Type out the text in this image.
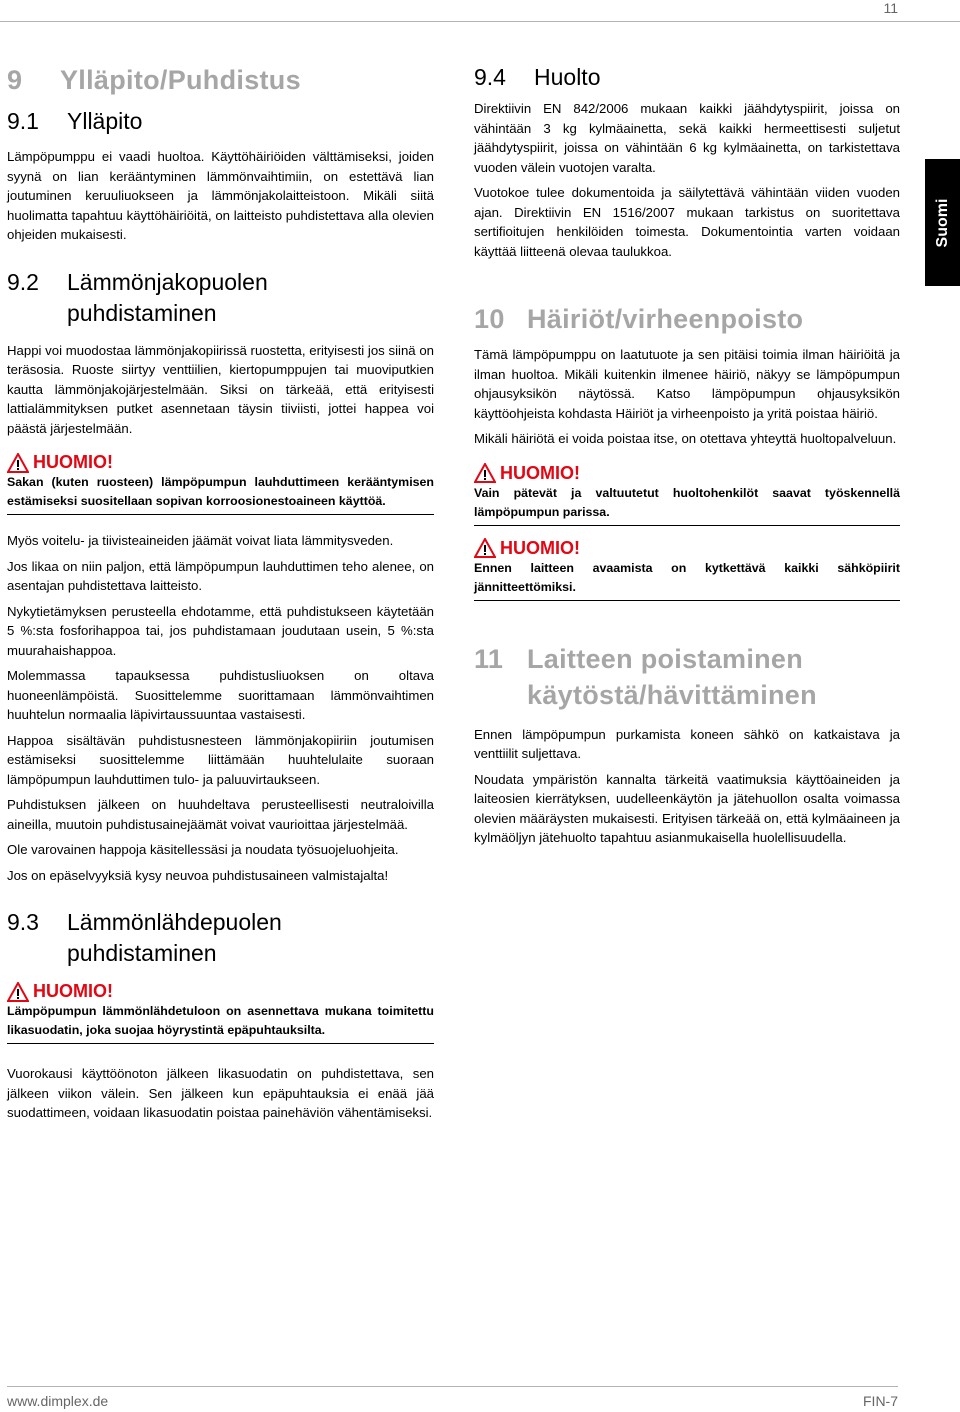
11
9	Ylläpito/Puhdistus
9.1	Ylläpito

Lämpöpumppu ei vaadi huoltoa. Käyttöhäiriöiden välttämiseksi, joiden syynä on lian kerääntyminen lämmönvaihtimiin, on estettävä lian joutuminen keruuliuokseen ja lämmönjakolaitteistoon. Mikäli siitä huolimatta tapahtuu käyttöhäiriöitä, on laitteisto puhdistettava alla olevien ohjeiden mukaisesti.

9.2	Lämmönjakopuolen
puhdistaminen

Happi voi muodostaa lämmönjakopiirissä ruostetta, erityisesti jos siinä on teräsosia. Ruoste siirtyy venttiilien, kiertopumppujen tai muoviputkien kautta lämmönjakojärjestelmään. Siksi on tärkeää, että erityisesti lattialämmityksen putket asennetaan täysin tiiviisti, jottei happea voi päästä järjestelmään.

HUOMIO!
Sakan (kuten ruosteen) lämpöpumpun lauhduttimeen kerääntymisen estämiseksi suositellaan sopivan korroosionestoaineen käyttöä.

Myös voitelu- ja tiivisteaineiden jäämät voivat liata lämmitysveden.

Jos likaa on niin paljon, että lämpöpumpun lauhduttimen teho alenee, on asentajan puhdistettava laitteisto.

Nykytietämyksen perusteella ehdotamme, että puhdistukseen käytetään 5 %:sta fosforihappoa tai, jos puhdistamaan joudutaan usein, 5 %:sta muurahaishappoa.

Molemmassa tapauksessa puhdistusliuoksen on oltava huoneenlämpöistä. Suosittelemme suorittamaan lämmönvaihtimen huuhtelun normaalia läpivirtaussuuntaa vastaisesti.

Happoa sisältävän puhdistusnesteen lämmönjakopiiriin joutumisen estämiseksi suosittelemme liittämään huuhtelulaite suoraan lämpöpumpun lauhduttimen tulo- ja paluuvirtaukseen.

Puhdistuksen jälkeen on huuhdeltava perusteellisesti neutraloivilla aineilla, muutoin puhdistusainejäämät voivat vaurioittaa järjestelmää.

Ole varovainen happoja käsitellessäsi ja noudata työsuojeluohjeita.

Jos on epäselvyyksiä kysy neuvoa puhdistusaineen valmistajalta!

9.3	Lämmönlähdepuolen
puhdistaminen
HUOMIO!
Lämpöpumpun lämmönlähdetuloon on asennettava mukana toimitettu likasuodatin, joka suojaa höyrystintä epäpuhtauksilta.

Vuorokausi käyttöönoton jälkeen likasuodatin on puhdistettava, sen jälkeen viikon välein. Sen jälkeen kun epäpuhtauksia ei enää jää suodattimeen, voidaan likasuodatin poistaa painehäviön vähentämiseksi.

9.4	Huolto

Direktiivin EN 842/2006 mukaan kaikki jäähdytyspiirit, joissa on vähintään 3 kg kylmäainetta, sekä kaikki hermeettisesti suljetut jäähdytyspiirit, joissa on vähintään 6 kg kylmäainetta, on tarkistettava vuoden välein vuotojen varalta.

Vuotokoe tulee dokumentoida ja säilytettävä vähintään viiden vuoden ajan. Direktiivin EN 1516/2007 mukaan tarkistus on suoritettava sertifioitujen henkilöiden toimesta. Dokumentointia varten voidaan käyttää liitteenä olevaa taulukkoa.

10 Häiriöt/virheenpoisto

Tämä lämpöpumppu on laatutuote ja sen pitäisi toimia ilman häiriöitä ja ilman huoltoa. Mikäli kuitenkin ilmenee häiriö, näkyy se lämpöpumpun ohjausyksikön näytössä. Katso lämpöpumpun ohjausyksikön käyttöohjeista kohdasta Häiriöt ja virheenpoisto ja yritä poistaa häiriö.

Mikäli häiriötä ei voida poistaa itse, on otettava yhteyttä huoltopalveluun.

HUOMIO!
Vain pätevät ja valtuutetut huoltohenkilöt saavat työskennellä lämpöpumpun parissa.
HUOMIO!
Ennen laitteen avaamista on kytkettävä kaikki sähköpiirit jännitteettömiksi.
11 Laitteen poistaminen
käytöstä/hävittäminen

Ennen lämpöpumpun purkamista koneen sähkö on katkaistava ja venttiilit suljettava.

Noudata ympäristön kannalta tärkeitä vaatimuksia käyttöaineiden ja laiteosien kierrätyksen, uudelleenkäytön ja jätehuollon osalta voimassa olevien määräysten mukaisesti. Erityisen tärkeää on, että kylmäaineen ja kylmäöljyn jätehuolto tapahtuu asianmukaisella huolellisuudella.

Suomi
www.dimplex.de	FIN-7
